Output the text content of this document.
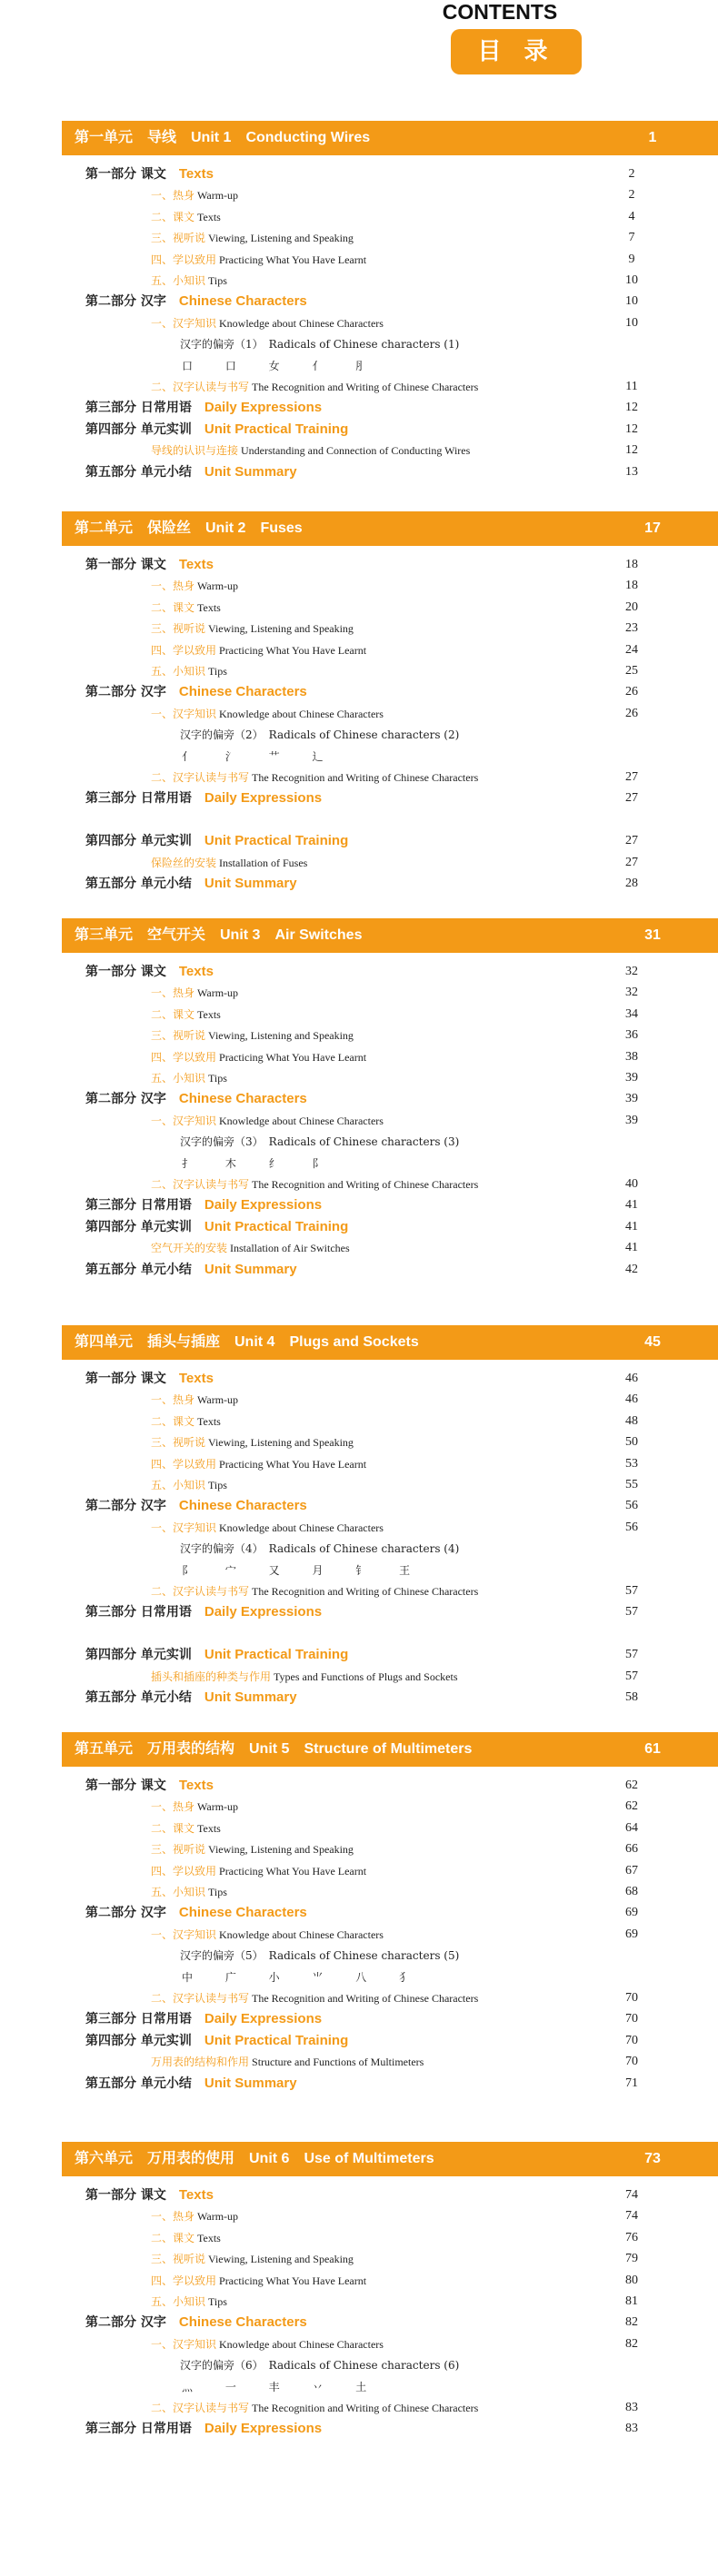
CONTENTS
目 录
第一单元　导线　Unit 1　Conducting Wires	1
第一部分 课文 Texts	2
一、热身 Warm-up	2
二、课文 Texts	4
三、视听说 Viewing, Listening and Speaking	7
四、学以致用 Practicing What You Have Learnt	9
五、小知识 Tips	10
第二部分 汉字 Chinese Characters	10
一、汉字知识 Knowledge about Chinese Characters	10
汉字的偏旁（1）　Radicals of Chinese characters (1)
口 口 女 亻 ⺼
二、汉字认读与书写 The Recognition and Writing of Chinese Characters	11
第三部分 日常用语 Daily Expressions	12
第四部分 单元实训 Unit Practical Training	12
导线的认识与连接 Understanding and Connection of Conducting Wires	12
第五部分 单元小结 Unit Summary	13
第二单元　保险丝　Unit 2　Fuses	17
第一部分 课文 Texts	18
一、热身 Warm-up	18
二、课文 Texts	20
三、视听说 Viewing, Listening and Speaking	23
四、学以致用 Practicing What You Have Learnt	24
五、小知识 Tips	25
第二部分 汉字 Chinese Characters	26
一、汉字知识 Knowledge about Chinese Characters	26
汉字的偏旁（2）　Radicals of Chinese characters (2)
亻 氵 艹 辶
二、汉字认读与书写 The Recognition and Writing of Chinese Characters	27
第三部分 日常用语 Daily Expressions	27
第四部分 单元实训 Unit Practical Training	27
保险丝的安装 Installation of Fuses	27
第五部分 单元小结 Unit Summary	28
第三单元　空气开关　Unit 3　Air Switches	31
第一部分 课文 Texts	32
一、热身 Warm-up	32
二、课文 Texts	34
三、视听说 Viewing, Listening and Speaking	36
四、学以致用 Practicing What You Have Learnt	38
五、小知识 Tips	39
第二部分 汉字 Chinese Characters	39
一、汉字知识 Knowledge about Chinese Characters	39
汉字的偏旁（3）　Radicals of Chinese characters (3)
扌 木 纟 阝
二、汉字认读与书写 The Recognition and Writing of Chinese Characters	40
第三部分 日常用语 Daily Expressions	41
第四部分 单元实训 Unit Practical Training	41
空气开关的安装 Installation of Air Switches	41
第五部分 单元小结 Unit Summary	42
第四单元　插头与插座　Unit 4　Plugs and Sockets	45
第一部分 课文 Texts	46
一、热身 Warm-up	46
二、课文 Texts	48
三、视听说 Viewing, Listening and Speaking	50
四、学以致用 Practicing What You Have Learnt	53
五、小知识 Tips	55
第二部分 汉字 Chinese Characters	56
一、汉字知识 Knowledge about Chinese Characters	56
汉字的偏旁（4）　Radicals of Chinese characters (4)
阝 宀 又 月 钅 王
二、汉字认读与书写 The Recognition and Writing of Chinese Characters	57
第三部分 日常用语 Daily Expressions	57
第四部分 单元实训 Unit Practical Training	57
插头和插座的种类与作用 Types and Functions of Plugs and Sockets	57
第五部分 单元小结 Unit Summary	58
第五单元　万用表的结构　Unit 5　Structure of Multimeters	61
第一部分 课文 Texts	62
一、热身 Warm-up	62
二、课文 Texts	64
三、视听说 Viewing, Listening and Speaking	66
四、学以致用 Practicing What You Have Learnt	67
五、小知识 Tips	68
第二部分 汉字 Chinese Characters	69
一、汉字知识 Knowledge about Chinese Characters	69
汉字的偏旁（5）　Radicals of Chinese characters (5)
中 广 小 ⺌ 八 犭
二、汉字认读与书写 The Recognition and Writing of Chinese Characters	70
第三部分 日常用语 Daily Expressions	70
第四部分 单元实训 Unit Practical Training	70
万用表的结构和作用 Structure and Functions of Multimeters	70
第五部分 单元小结 Unit Summary	71
第六单元　万用表的使用　Unit 6　Use of Multimeters	73
第一部分 课文 Texts	74
一、热身 Warm-up	74
二、课文 Texts	76
三、视听说 Viewing, Listening and Speaking	79
四、学以致用 Practicing What You Have Learnt	80
五、小知识 Tips	81
第二部分 汉字 Chinese Characters	82
一、汉字知识 Knowledge about Chinese Characters	82
汉字的偏旁（6）　Radicals of Chinese characters (6)
灬 一 丰 丷 土
二、汉字认读与书写 The Recognition and Writing of Chinese Characters	83
第三部分 日常用语 Daily Expressions	83
